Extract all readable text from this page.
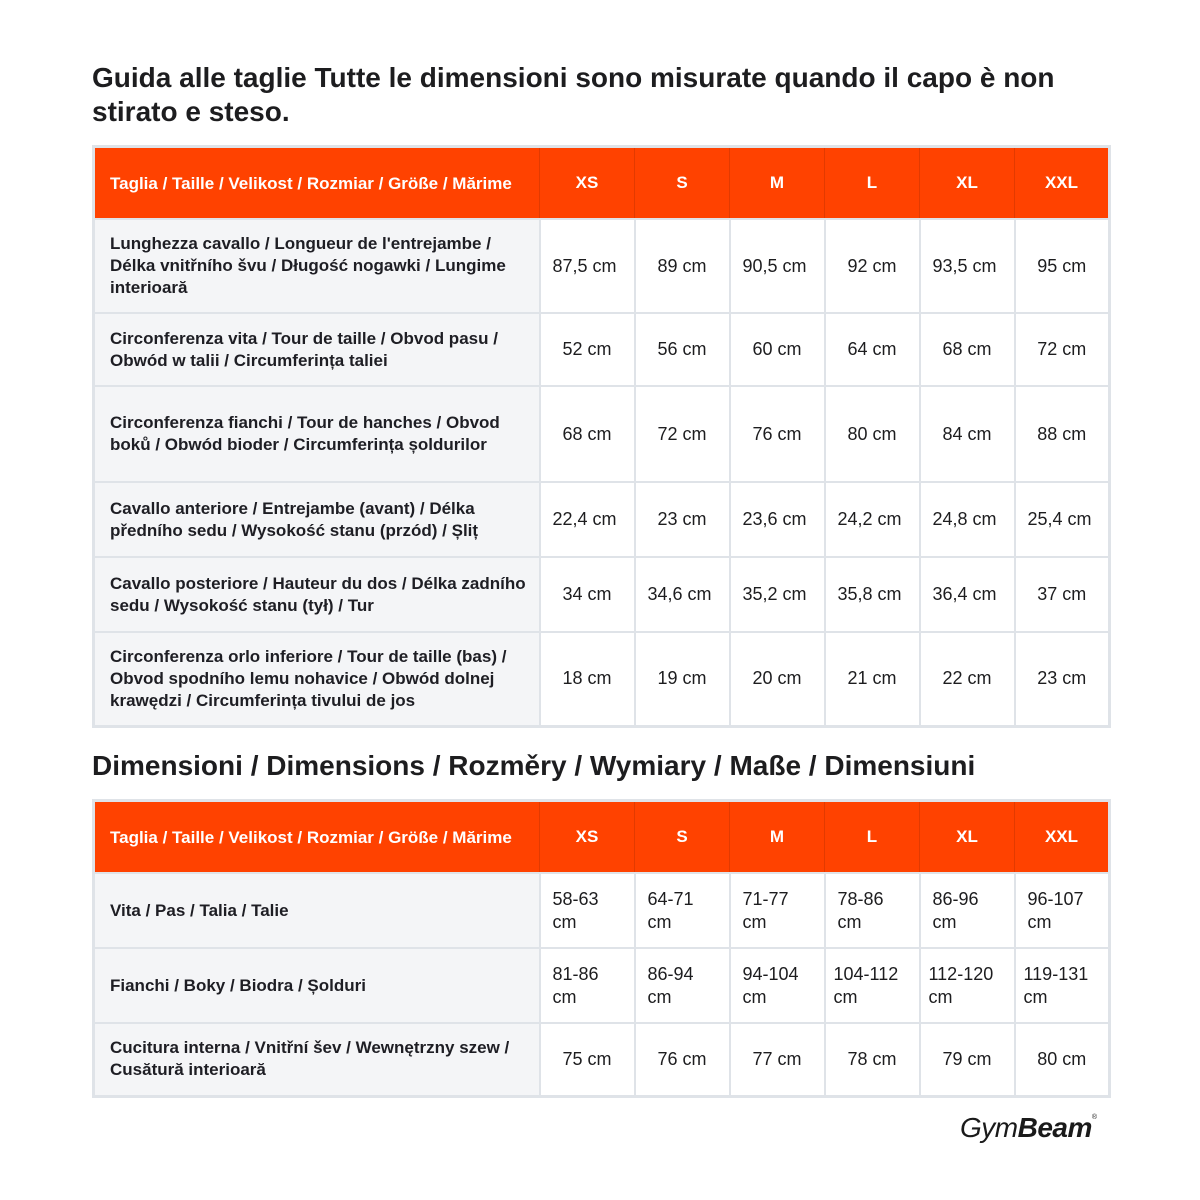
Guida alle taglie Tutte le dimensioni sono misurate quando il capo è non stirato e steso.
Taglia / Taille / Velikost / Rozmiar / Größe / Mărime	XS	S	M	L	XL	XXL
Lunghezza cavallo / Longueur de l'entrejambe / Délka vnitřního švu / Długość nogawki / Lungime interioară	87,5 cm	89 cm	90,5 cm	92 cm	93,5 cm	95 cm
Circonferenza vita / Tour de taille / Obvod pasu / Obwód w talii / Circumferința taliei	52 cm	56 cm	60 cm	64 cm	68 cm	72 cm
Circonferenza fianchi / Tour de hanches / Obvod boků / Obwód bioder / Circumferința șoldurilor	68 cm	72 cm	76 cm	80 cm	84 cm	88 cm
Cavallo anteriore / Entrejambe (avant) / Délka předního sedu / Wysokość stanu (przód) / Șliț	22,4 cm	23 cm	23,6 cm	24,2 cm	24,8 cm	25,4 cm
Cavallo posteriore / Hauteur du dos / Délka zadního sedu / Wysokość stanu (tył) / Tur	34 cm	34,6 cm	35,2 cm	35,8 cm	36,4 cm	37 cm
Circonferenza orlo inferiore / Tour de taille (bas) / Obvod spodního lemu nohavice / Obwód dolnej krawędzi / Circumferința tivului de jos	18 cm	19 cm	20 cm	21 cm	22 cm	23 cm
Dimensioni / Dimensions / Rozměry / Wymiary / Maße / Dimensiuni
Taglia / Taille / Velikost / Rozmiar / Größe / Mărime	XS	S	M	L	XL	XXL
Vita / Pas / Talia / Talie	58-63 cm	64-71 cm	71-77 cm	78-86 cm	86-96 cm	96-107 cm
Fianchi / Boky / Biodra / Șolduri	81-86 cm	86-94 cm	94-104 cm	104-112 cm	112-120 cm	119-131 cm
Cucitura interna / Vnitřní šev / Wewnętrzny szew / Cusătură interioară	75 cm	76 cm	77 cm	78 cm	79 cm	80 cm
GymBeam®
